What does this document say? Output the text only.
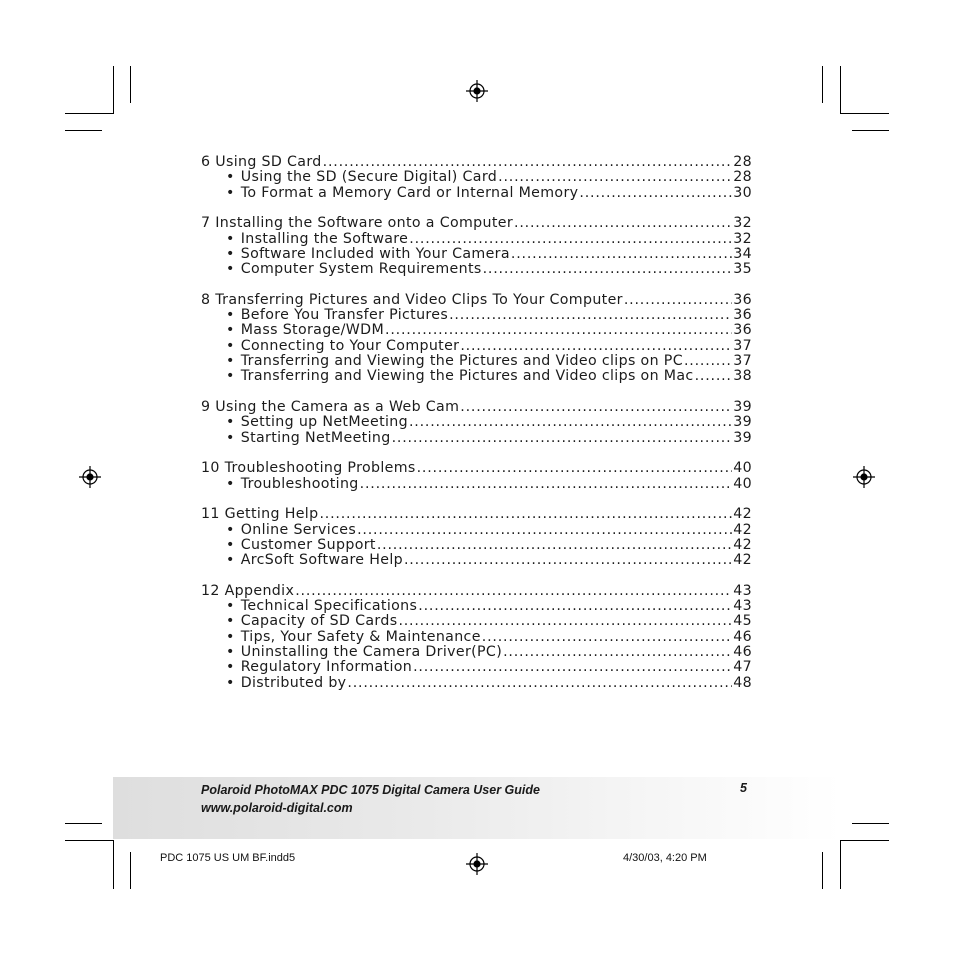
6 Using SD Card .....	28
• Using the SD (Secure Digital) Card .....	28
• To Format a Memory Card or Internal Memory .....	30
7 Installing the Software onto a Computer .....	32
• Installing the Software .....	32
• Software Included with Your Camera .....	34
• Computer System Requirements .....	35
8 Transferring Pictures and Video Clips To Your Computer .....	36
• Before You Transfer Pictures .....	36
• Mass Storage/WDM .....	36
• Connecting to Your Computer .....	37
• Transferring and Viewing the Pictures and Video clips on PC .....	37
• Transferring and Viewing the Pictures and Video clips on Mac .....	38
9 Using the Camera as a Web Cam .....	39
• Setting up NetMeeting .....	39
• Starting NetMeeting .....	39
10 Troubleshooting Problems .....	40
• Troubleshooting .....	40
11 Getting Help .....	42
• Online Services .....	42
• Customer Support .....	42
• ArcSoft Software Help .....	42
12 Appendix .....	43
• Technical Specifications .....	43
• Capacity of SD Cards .....	45
• Tips, Your Safety & Maintenance .....	46
• Uninstalling the Camera Driver(PC) .....	46
• Regulatory Information .....	47
• Distributed by .....	48
Polaroid PhotoMAX PDC 1075 Digital Camera User Guide
www.polaroid-digital.com
5
PDC 1075 US UM BF.indd5	4/30/03, 4:20 PM
